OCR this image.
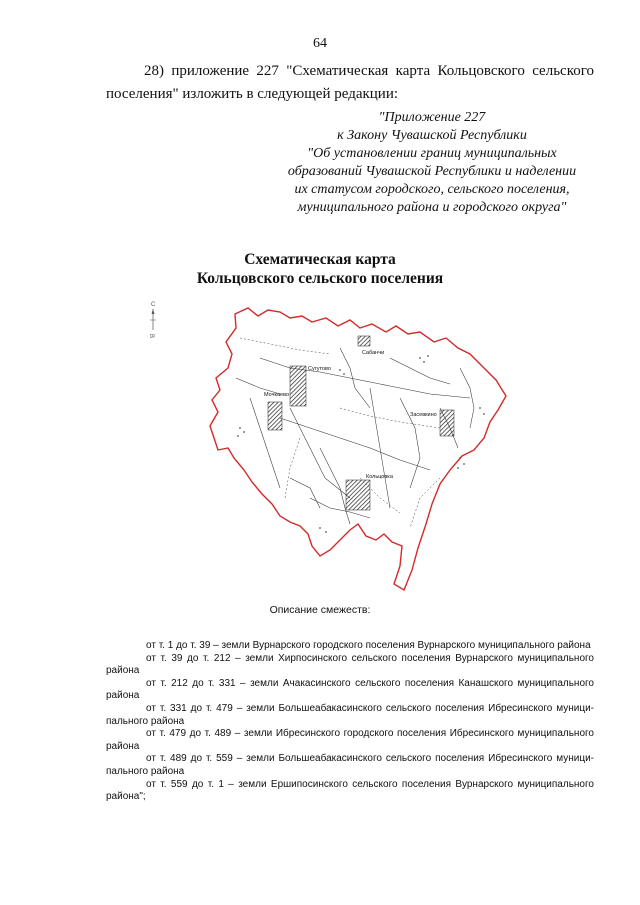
64
28) приложение 227 "Схематическая карта Кольцовского сельского поселения" изложить в следующей редакции:
"Приложение 227
к Закону Чувашской Республики
"Об установлении границ муниципальных
образований Чувашской Республики и наделении
их статусом городского, сельского поселения,
муниципального района и городского округа"
Схематическая карта
Кольцовского сельского поселения
С
В
Мочкаево
Кольцовка
Засевкино
Сугутово
Сабанчи
Описание смежеств:

от т. 1 до т. 39 – земли Вурнарского городского поселения Вурнарского муниципального района

от т. 39 до т. 212 – земли Хирпосинского сельского поселения Вурнарского муниципального района

от т. 212 до т. 331 – земли Ачакасинского сельского поселения Канашского муниципального района

от т. 331 до т. 479 – земли Большеабакасинского сельского поселения Ибресинского муници-пального района

от т. 479 до т. 489 – земли Ибресинского городского поселения Ибресинского муниципального района

от т. 489 до т. 559 – земли Большеабакасинского сельского поселения Ибресинского муници-пального района

от т. 559 до т. 1 – земли Ершипосинского сельского поселения Вурнарского муниципального района";
